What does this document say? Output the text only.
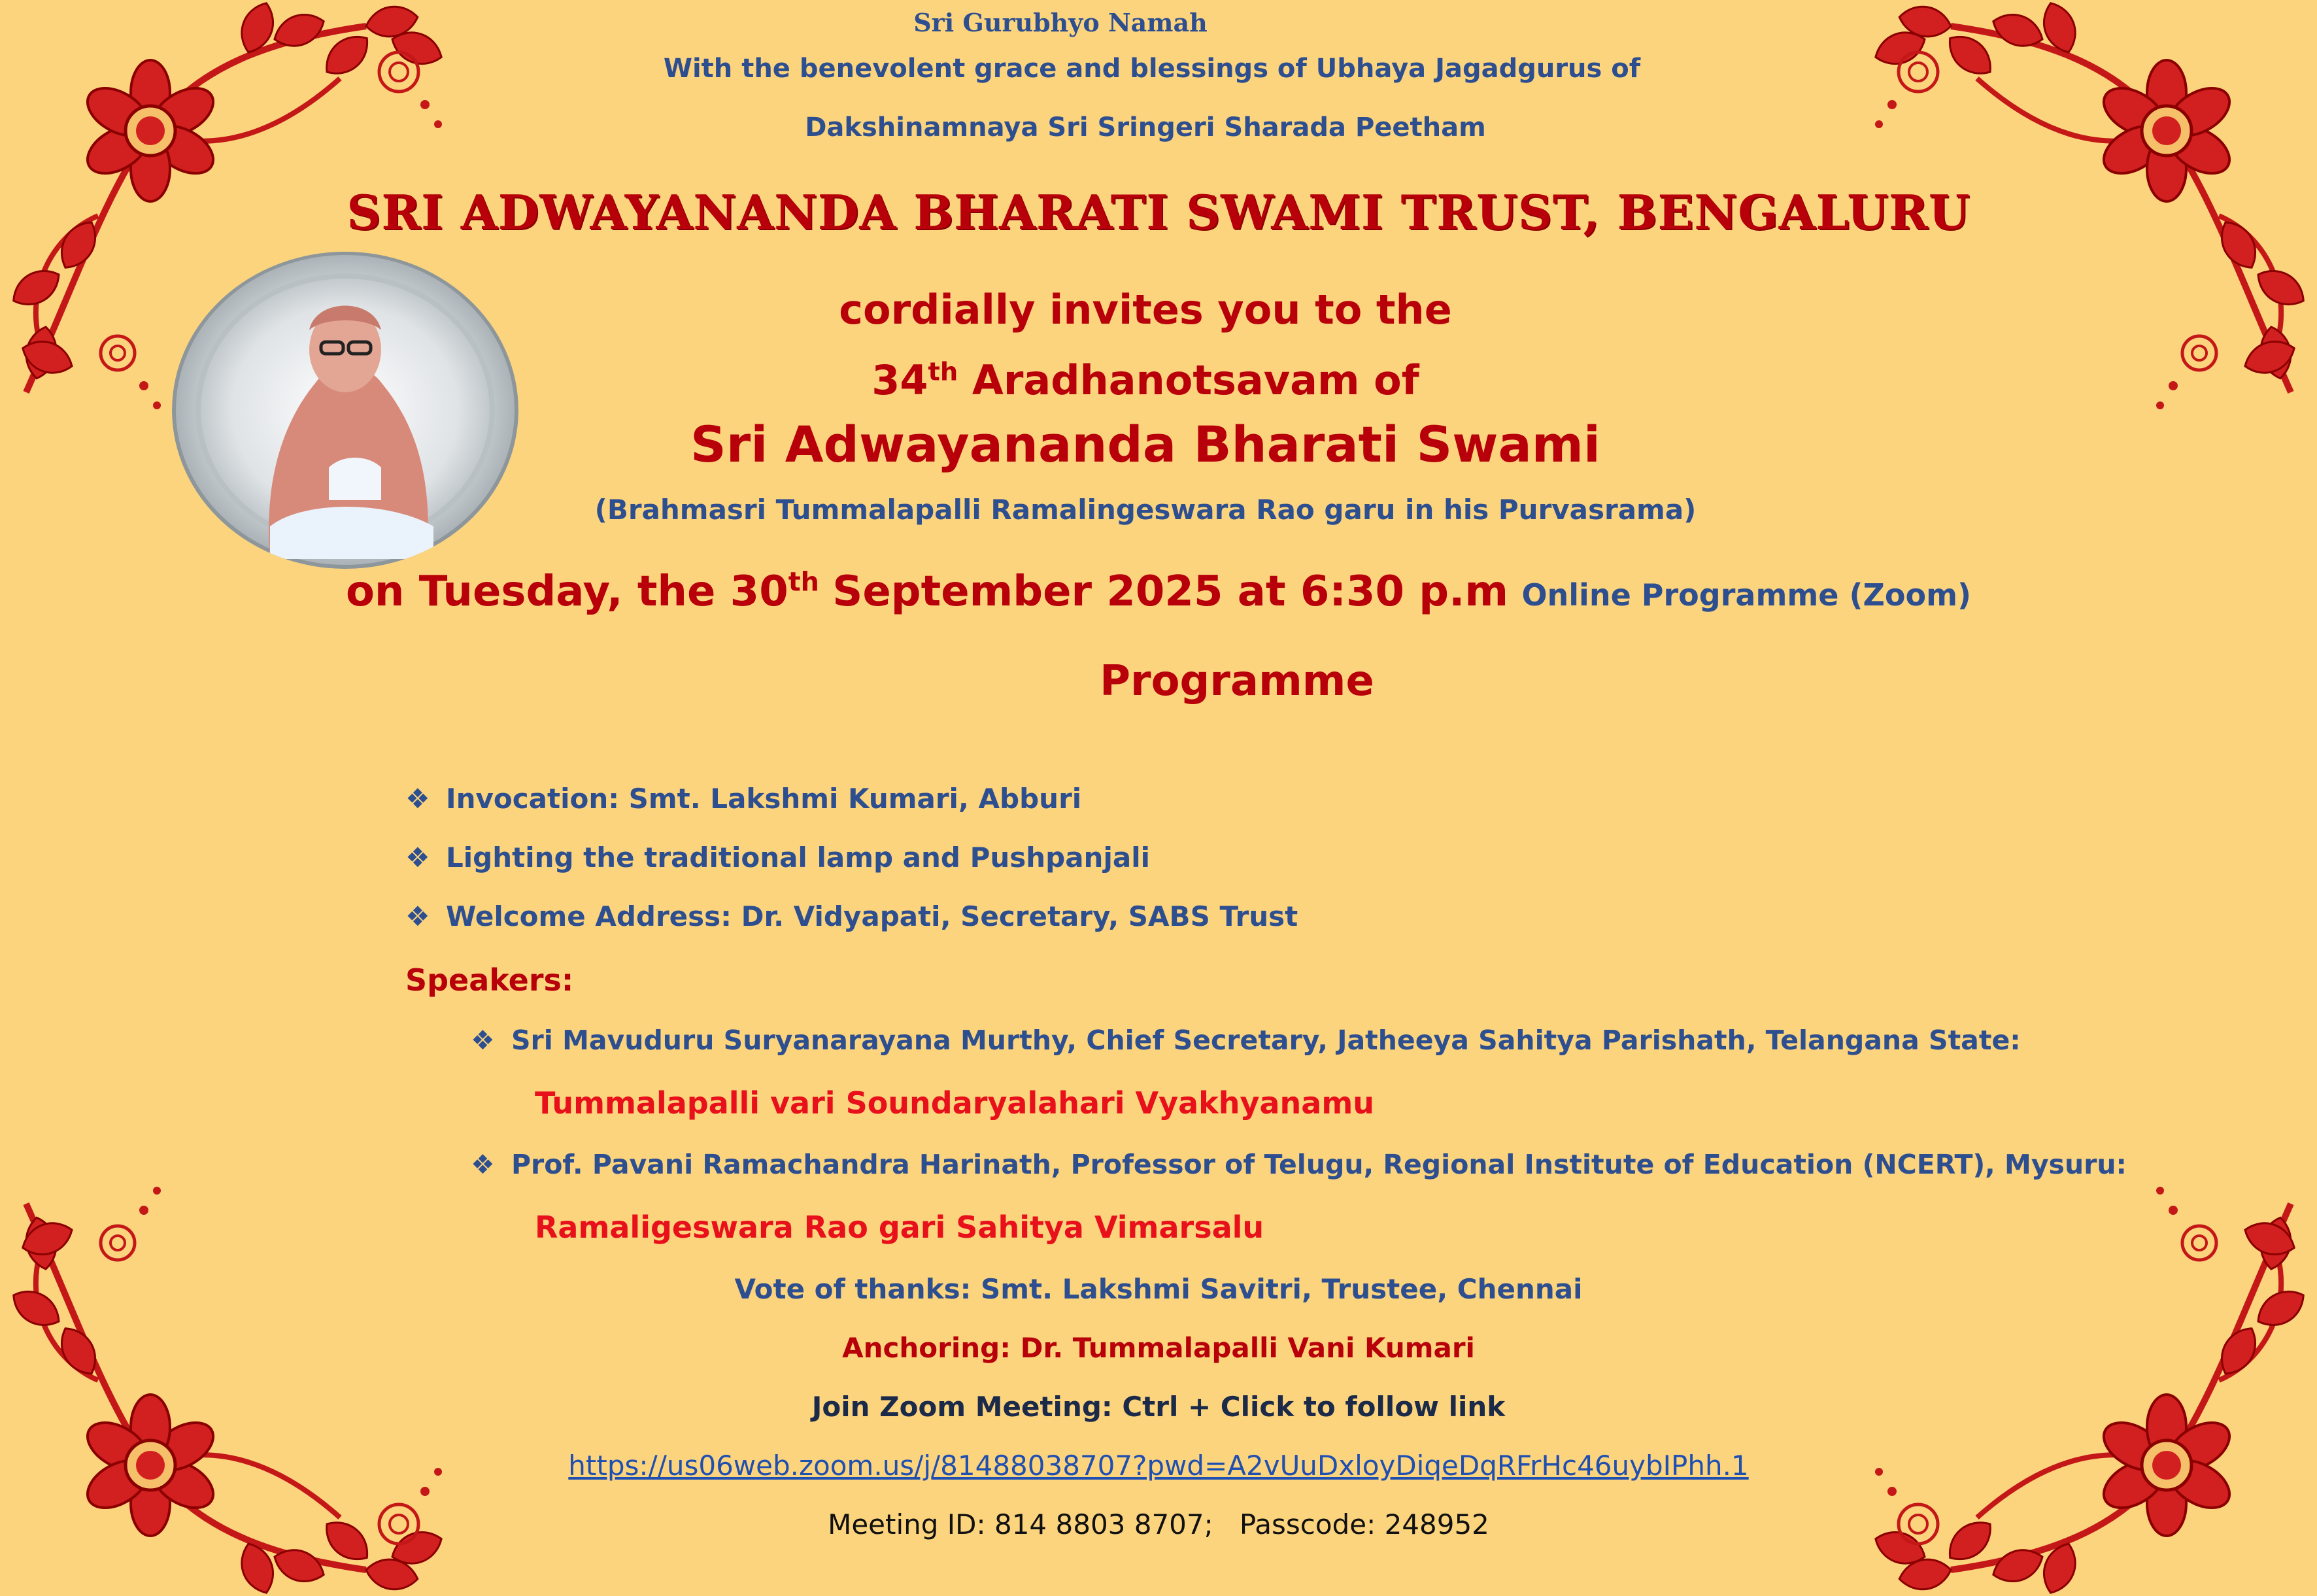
Sri Gurubhyo Namah
With the benevolent grace and blessings of Ubhaya Jagadgurus of
Dakshinamnaya Sri Sringeri Sharada Peetham
SRI ADWAYANANDA BHARATI SWAMI TRUST, BENGALURU
cordially invites you to the
34th Aradhanotsavam of
Sri Adwayananda Bharati Swami
(Brahmasri Tummalapalli Ramalingeswara Rao garu in his Purvasrama)
on Tuesday, the 30th September 2025 at 6:30 p.m Online Programme (Zoom)
Programme
❖ Invocation: Smt. Lakshmi Kumari, Abburi
❖ Lighting the traditional lamp and Pushpanjali
❖ Welcome Address: Dr. Vidyapati, Secretary, SABS Trust
Speakers:
❖ Sri Mavuduru Suryanarayana Murthy, Chief Secretary, Jatheeya Sahitya Parishath, Telangana State:
Tummalapalli vari Soundaryalahari Vyakhyanamu
❖ Prof. Pavani Ramachandra Harinath, Professor of Telugu, Regional Institute of Education (NCERT), Mysuru:
Ramaligeswara Rao gari Sahitya Vimarsalu
Vote of thanks: Smt. Lakshmi Savitri, Trustee, Chennai
Anchoring: Dr. Tummalapalli Vani Kumari
Join Zoom Meeting: Ctrl + Click to follow link
https://us06web.zoom.us/j/81488038707?pwd=A2vUuDxloyDiqeDqRFrHc46uybIPhh.1
Meeting ID: 814 8803 8707; Passcode: 248952
